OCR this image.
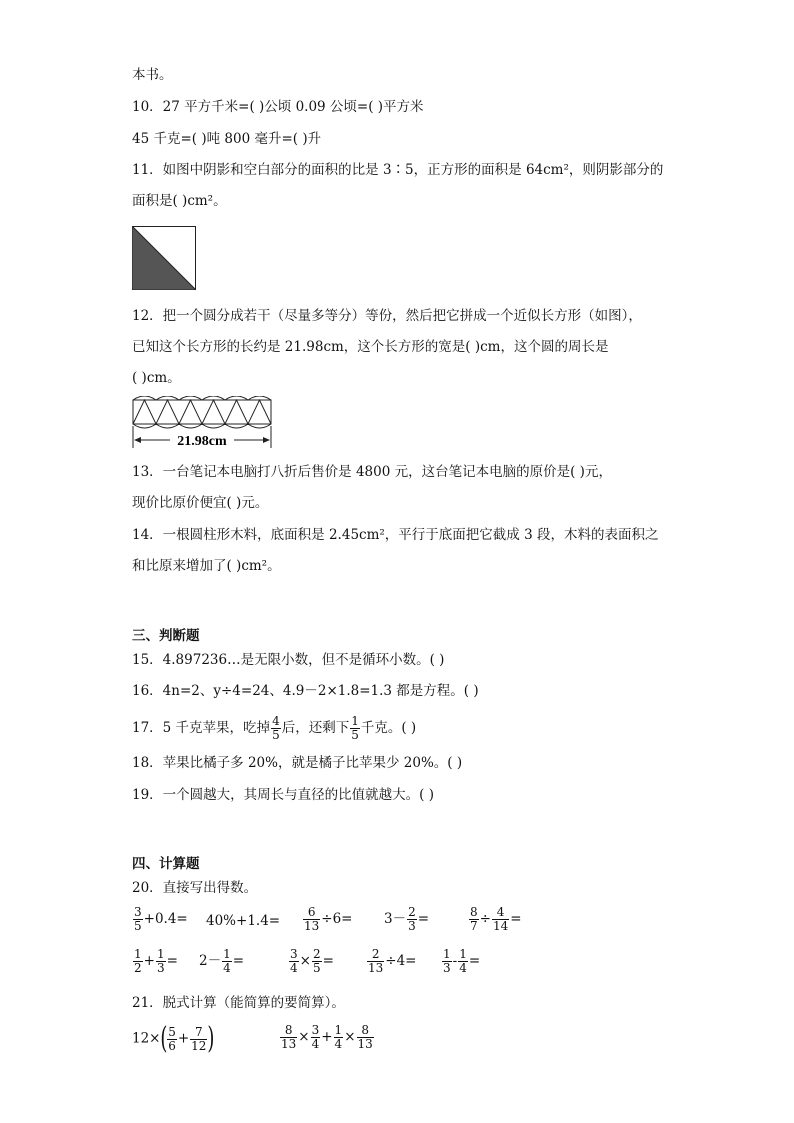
本书。
10．27 平方千米=( )公顷 0.09 公顷=( )平方米
45 千克=( )吨 800 毫升=( )升
11．如图中阴影和空白部分的面积的比是 3∶5，正方形的面积是 64cm²，则阴影部分的
面积是( )cm²。
12．把一个圆分成若干（尽量多等分）等份，然后把它拼成一个近似长方形（如图），
已知这个长方形的长约是 21.98cm，这个长方形的宽是( )cm，这个圆的周长是
( )cm。
21.98cm
13．一台笔记本电脑打八折后售价是 4800 元，这台笔记本电脑的原价是( )元，
现价比原价便宜( )元。
14．一根圆柱形木料，底面积是 2.45cm²，平行于底面把它截成 3 段，木料的表面积之
和比原来增加了( )cm²。
三、判断题
15．4.897236…是无限小数，但不是循环小数。( )
16．4n=2、y÷4=24、4.9－2×1.8=1.3 都是方程。( )
17．5 千克苹果，吃掉 $\frac{4}{5}$ 后，还剩下 $\frac{1}{5}$ 千克。( )
18．苹果比橘子多 20%，就是橘子比苹果少 20%。( )
19．一个圆越大，其周长与直径的比值就越大。( )
四、计算题
20．直接写出得数。
$\frac{3}{5} +0.4= 40\%+1.4= \frac{6}{13} \div 6= 3- \frac{2}{3}$ =	$\frac{8}{7} \div \frac{4}{14}$ =
$\frac{1}{2} + \frac{1}{3} = 2- \frac{1}{4}$ =	$\frac{3}{4} \times \frac{2}{5}$ =	$\frac{2}{13} \div 4= \frac{1}{3} - \frac{1}{4}$ =
21．脱式计算（能简算的要简算）。
$12\times( \frac{5}{6} + \frac{7}{12}$ )	$\frac{8}{13} \times \frac{3}{4} + \frac{1}{4} \times \frac{8}{13}$
